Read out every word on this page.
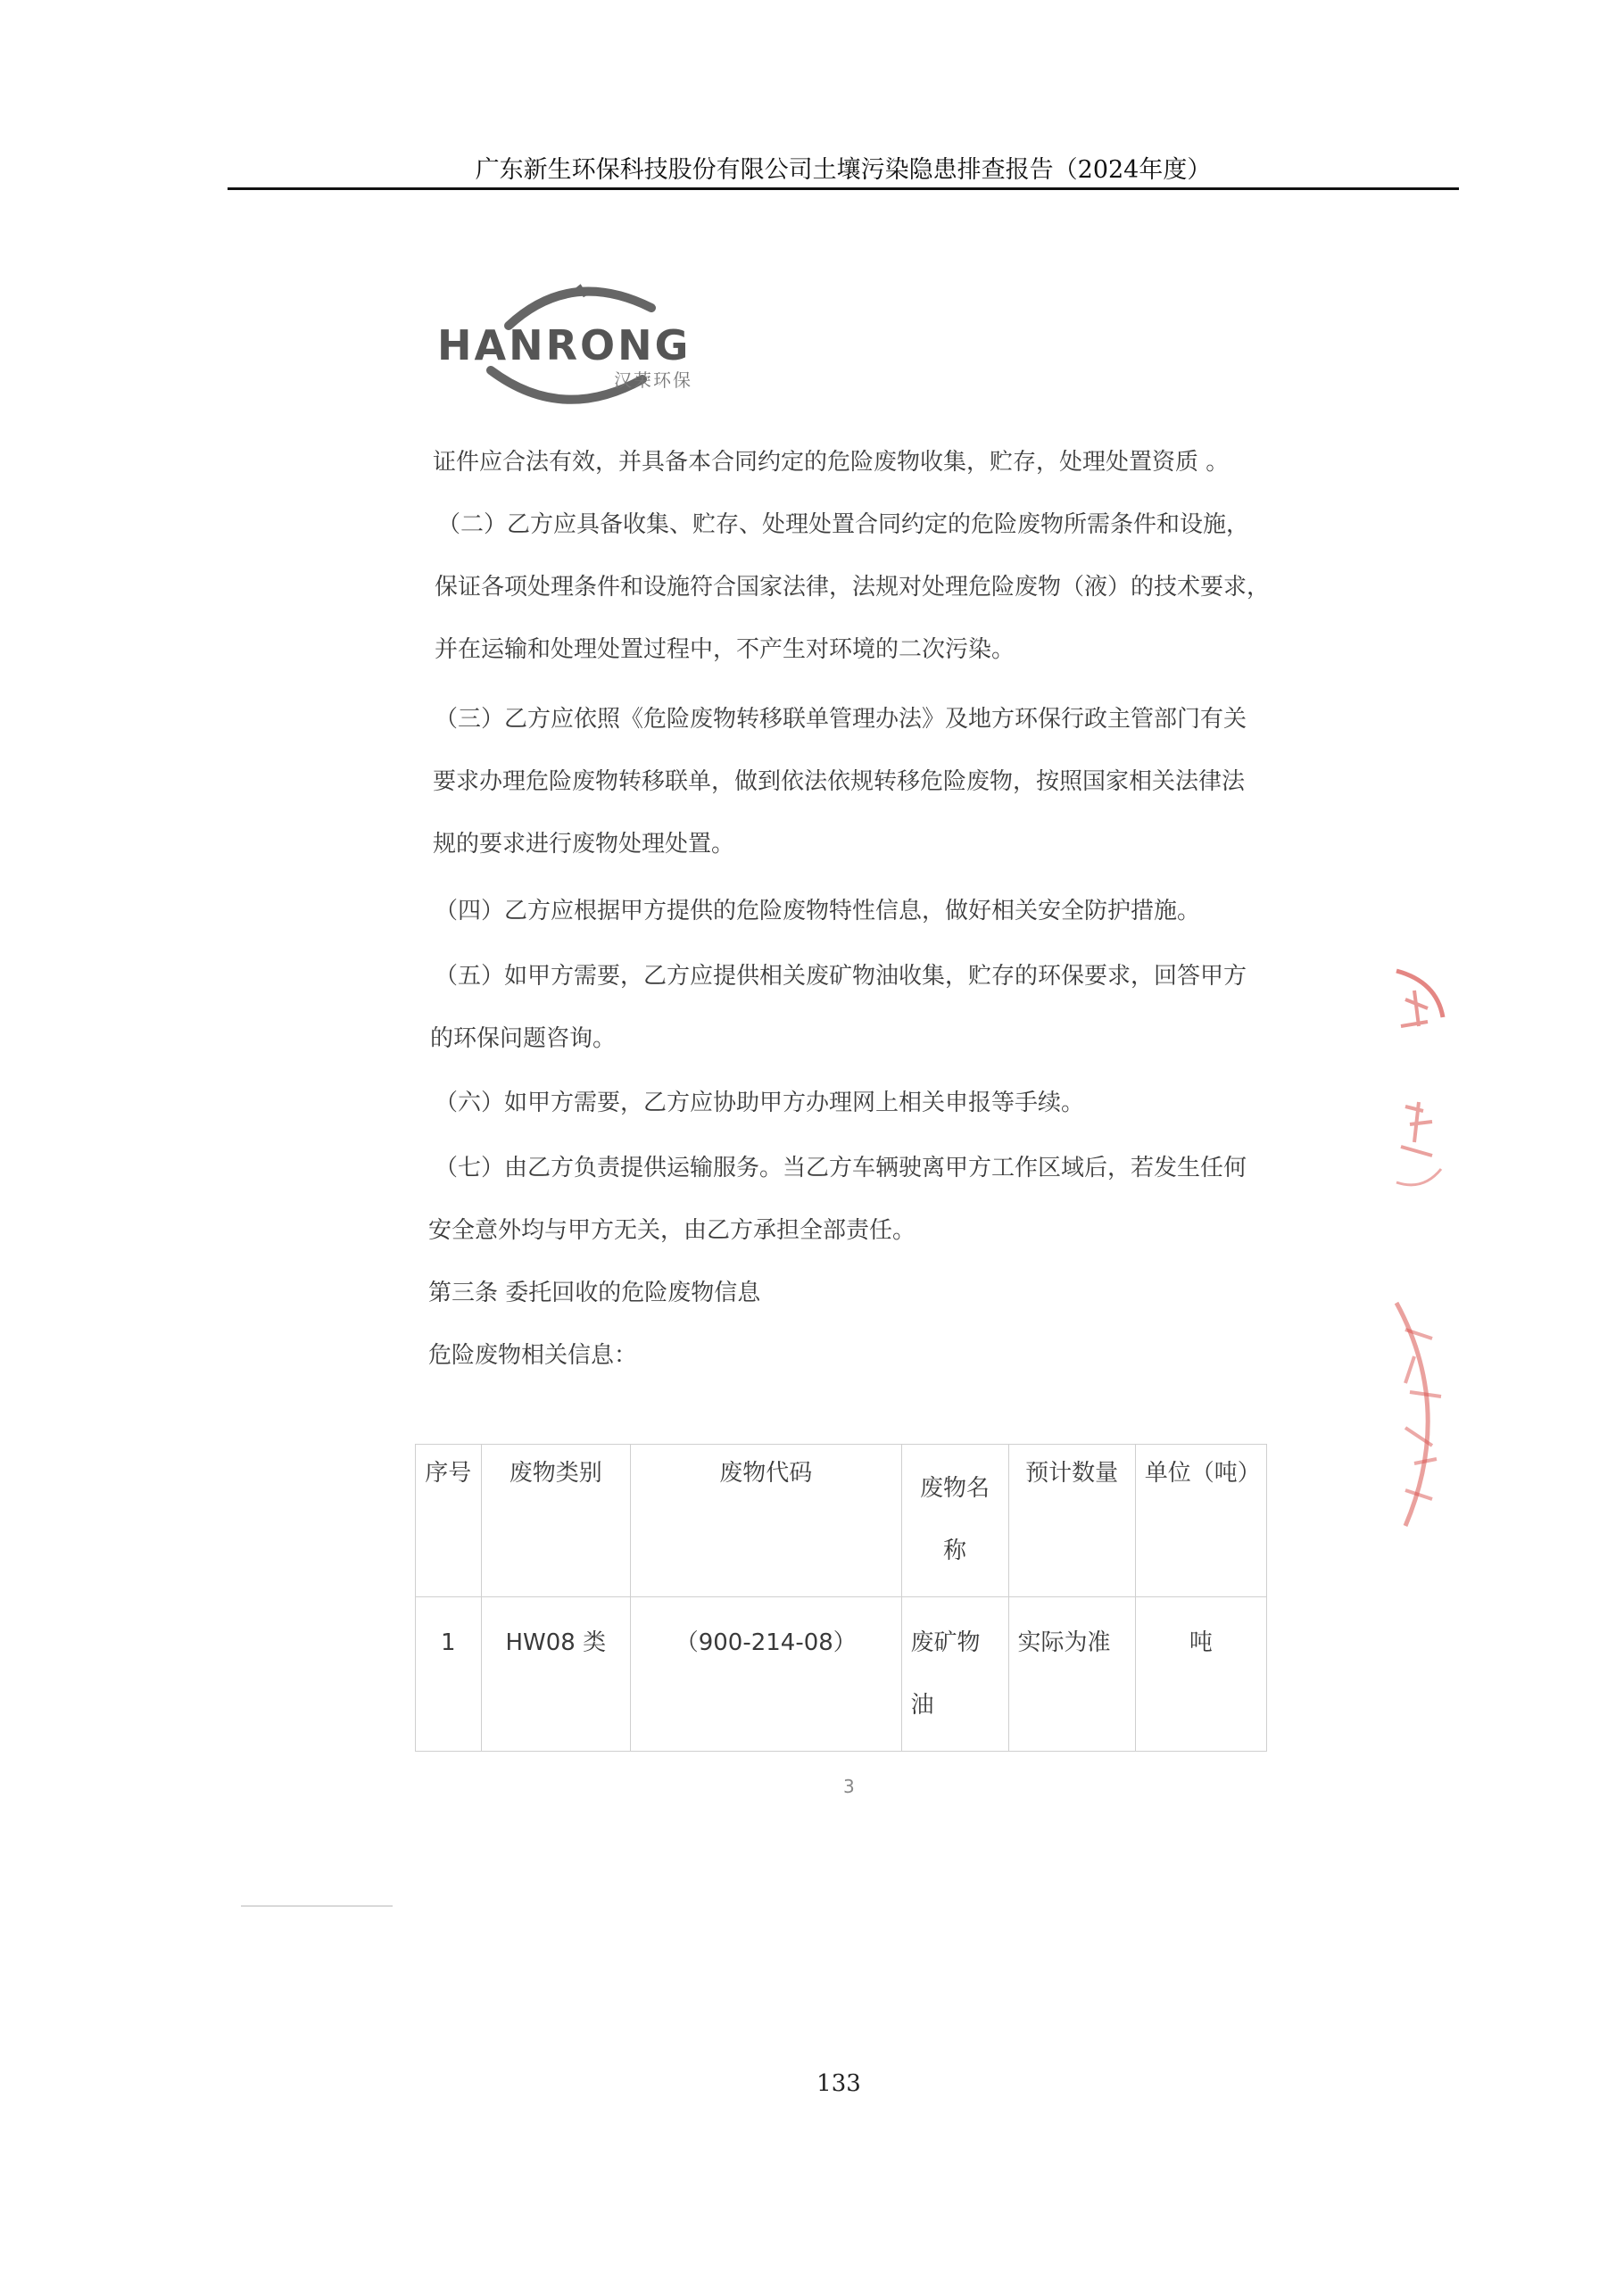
广东新生环保科技股份有限公司土壤污染隐患排查报告（2024年度）
HANRONG
汉荣环保
证件应合法有效，并具备本合同约定的危险废物收集，贮存，处理处置资质 。
（二）乙方应具备收集、贮存、处理处置合同约定的危险废物所需条件和设施，
保证各项处理条件和设施符合国家法律，法规对处理危险废物（液）的技术要求，
并在运输和处理处置过程中，不产生对环境的二次污染。
（三）乙方应依照《危险废物转移联单管理办法》及地方环保行政主管部门有关
要求办理危险废物转移联单，做到依法依规转移危险废物，按照国家相关法律法
规的要求进行废物处理处置。
（四）乙方应根据甲方提供的危险废物特性信息，做好相关安全防护措施。
（五）如甲方需要，乙方应提供相关废矿物油收集，贮存的环保要求，回答甲方
的环保问题咨询。
（六）如甲方需要，乙方应协助甲方办理网上相关申报等手续。
（七）由乙方负责提供运输服务。当乙方车辆驶离甲方工作区域后，若发生任何
安全意外均与甲方无关，由乙方承担全部责任。
第三条 委托回收的危险废物信息
危险废物相关信息：
序号	废物类别	废物代码	废物名称	预计数量	单位（吨）
1	HW08 类	（900-214-08）	废矿物油	实际为准	吨
3
133
